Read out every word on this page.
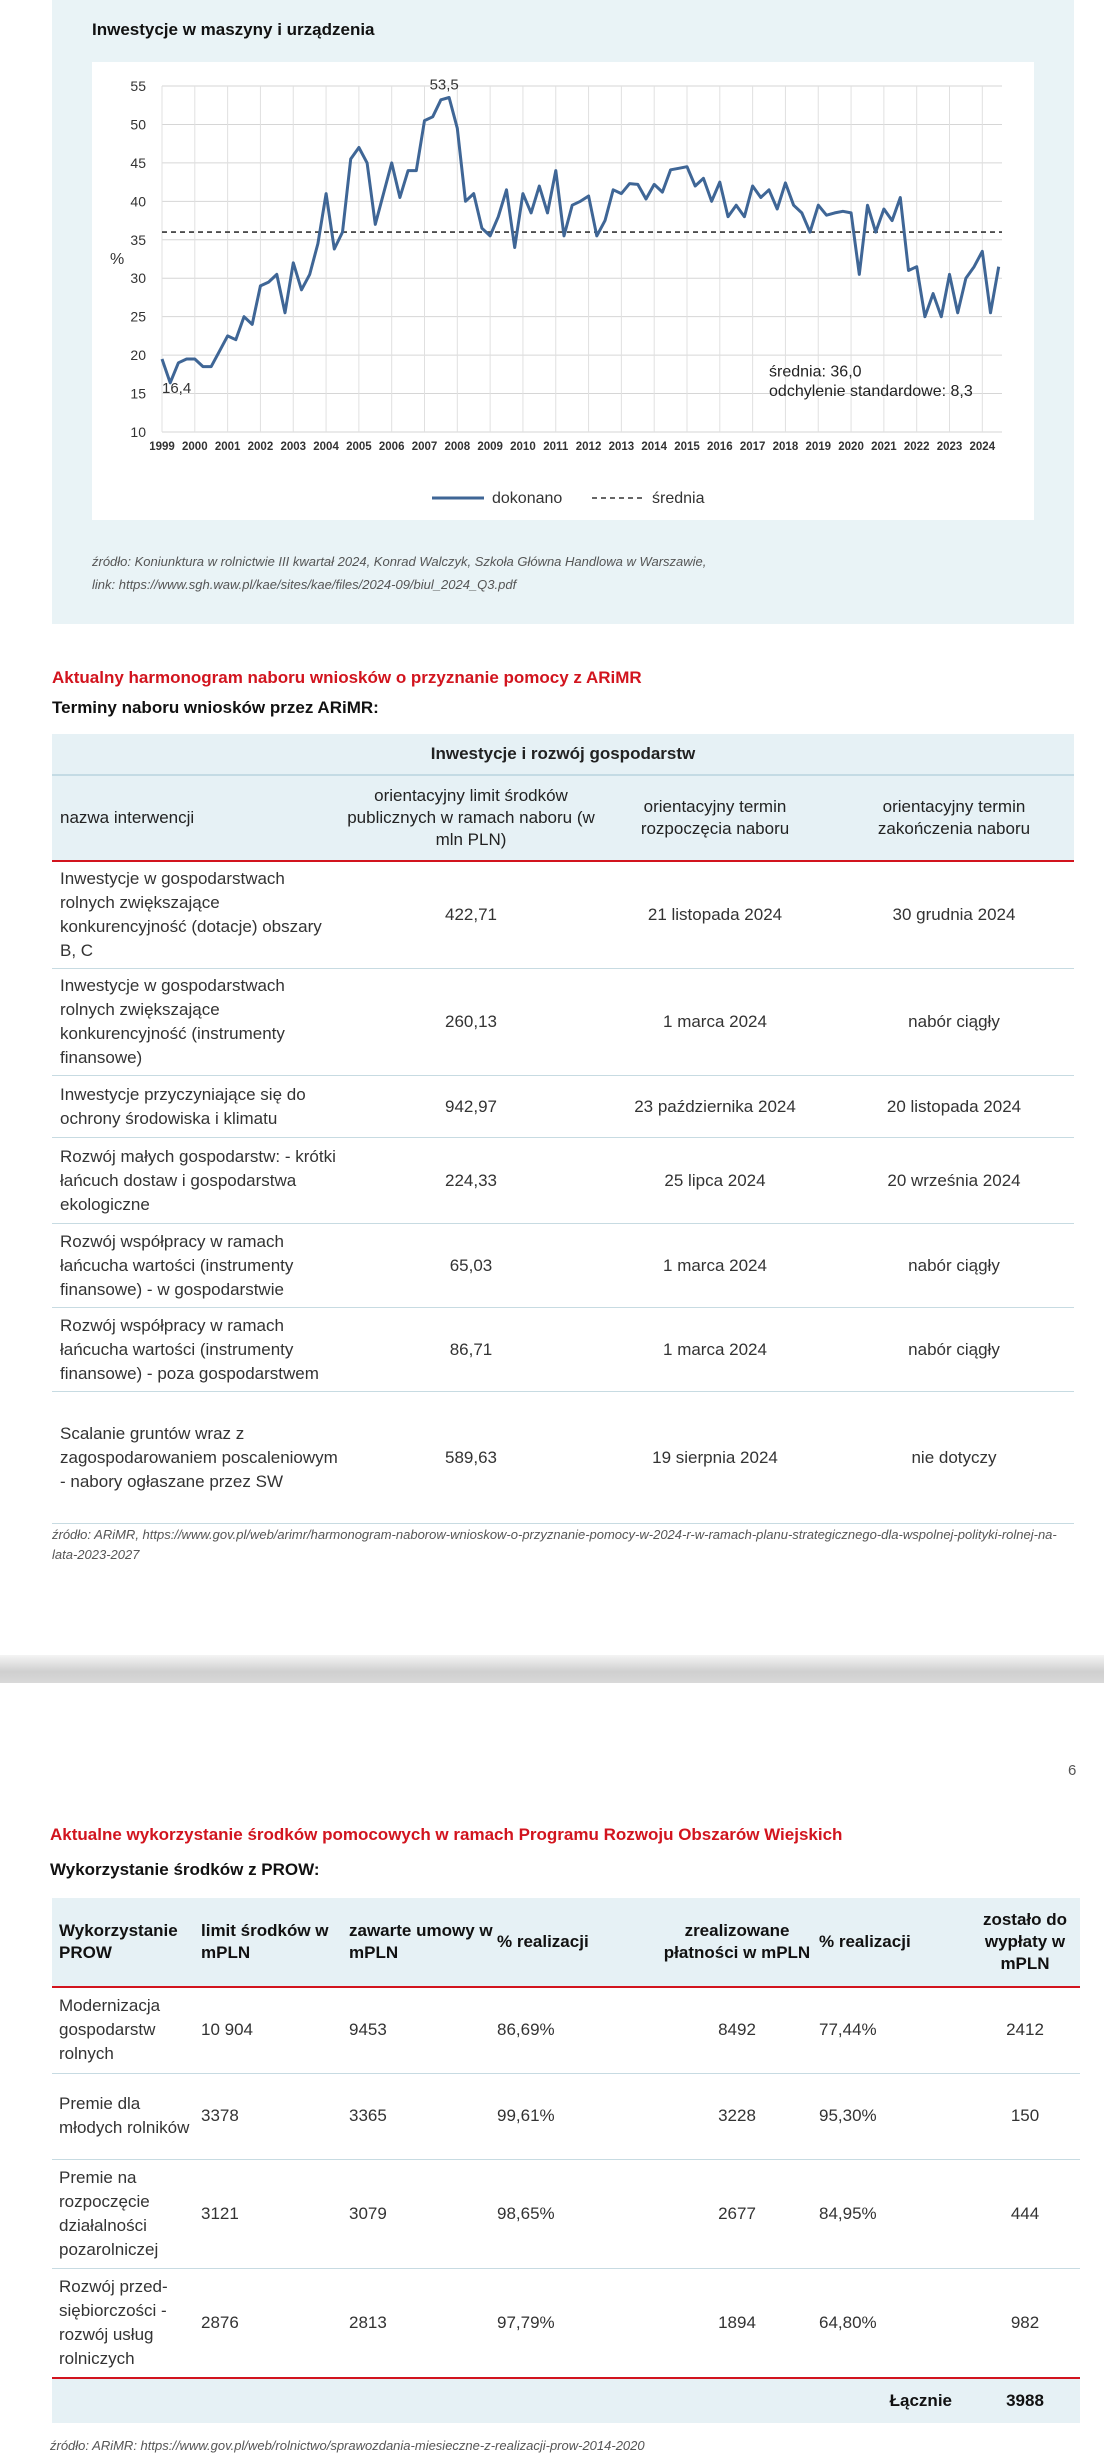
Inwestycje w maszyny i urządzenia
10
15
20
25
30
35
40
45
50
55
1999 2000 2001 2002 2003 2004 2005 2006 2007 2008 2009 2010 2011 2012 2013 2014 2015 2016 2017 2018 2019 2020 2021 2022 2023 2024
%
53,5
16,4
średnia: 36,0
odchylenie standardowe: 8,3
dokonano	średnia
źródło: Koniunktura w rolnictwie III kwartał 2024, Konrad Walczyk, Szkoła Główna Handlowa w Warszawie,
link: https://www.sgh.waw.pl/kae/sites/kae/files/2024-09/biul_2024_Q3.pdf
Aktualny harmonogram naboru wniosków o przyznanie pomocy z ARiMR
Terminy naboru wniosków przez ARiMR:
Inwestycje i rozwój gospodarstw			
nazwa interwencji	orientacyjny limit środków publicznych w ramach naboru (w mln PLN)	orientacyjny termin rozpoczęcia naboru	orientacyjny termin zakończenia naboru
Inwestycje w gospodarstwach rolnych zwiększające konkurencyjność (dotacje) obszary B, C	422,71	21 listopada 2024	30 grudnia 2024
Inwestycje w gospodarstwach rolnych zwiększające konkurencyjność (instrumenty finansowe)	260,13	1 marca 2024	nabór ciągły
Inwestycje przyczyniające się do ochrony środowiska i klimatu	942,97	23 października 2024	20 listopada 2024
Rozwój małych gospodarstw: - krótki łańcuch dostaw i gospodarstwa ekologiczne	224,33	25 lipca 2024	20 września 2024
Rozwój współpracy w ramach łańcucha wartości (instrumenty finansowe) - w gospodarstwie	65,03	1 marca 2024	nabór ciągły
Rozwój współpracy w ramach łańcucha wartości (instrumenty finansowe) - poza gospodarstwem	86,71	1 marca 2024	nabór ciągły
Scalanie gruntów wraz z zagospodarowaniem poscaleniowym - nabory ogłaszane przez SW	589,63	19 sierpnia 2024	nie dotyczy
źródło: ARiMR, https://www.gov.pl/web/arimr/harmonogram-naborow-wnioskow-o-przyznanie-pomocy-w-2024-r-w-ramach-planu-strategicznego-dla-wspolnej-polityki-rolnej-na-lata-2023-2027
6
Aktualne wykorzystanie środków pomocowych w ramach Programu Rozwoju Obszarów Wiejskich
Wykorzystanie środków z PROW:
Wykorzystanie PROW	limit środków w mPLN	zawarte umowy w mPLN	% realizacji	zrealizowane płatności w mPLN	% realizacji	zostało do wypłaty w mPLN
Modernizacja gospodarstw rolnych	10 904	9453	86,69%	8492	77,44%	2412
Premie dla młodych rolników	3378	3365	99,61%	3228	95,30%	150
Premie na rozpoczęcie działalności pozarolniczej	3121	3079	98,65%	2677	84,95%	444
Rozwój przed-siębiorczości - rozwój usług rolniczych	2876	2813	97,79%	1894	64,80%	982
					Łącznie	3988
źródło: ARiMR: https://www.gov.pl/web/rolnictwo/sprawozdania-miesieczne-z-realizacji-prow-2014-2020
